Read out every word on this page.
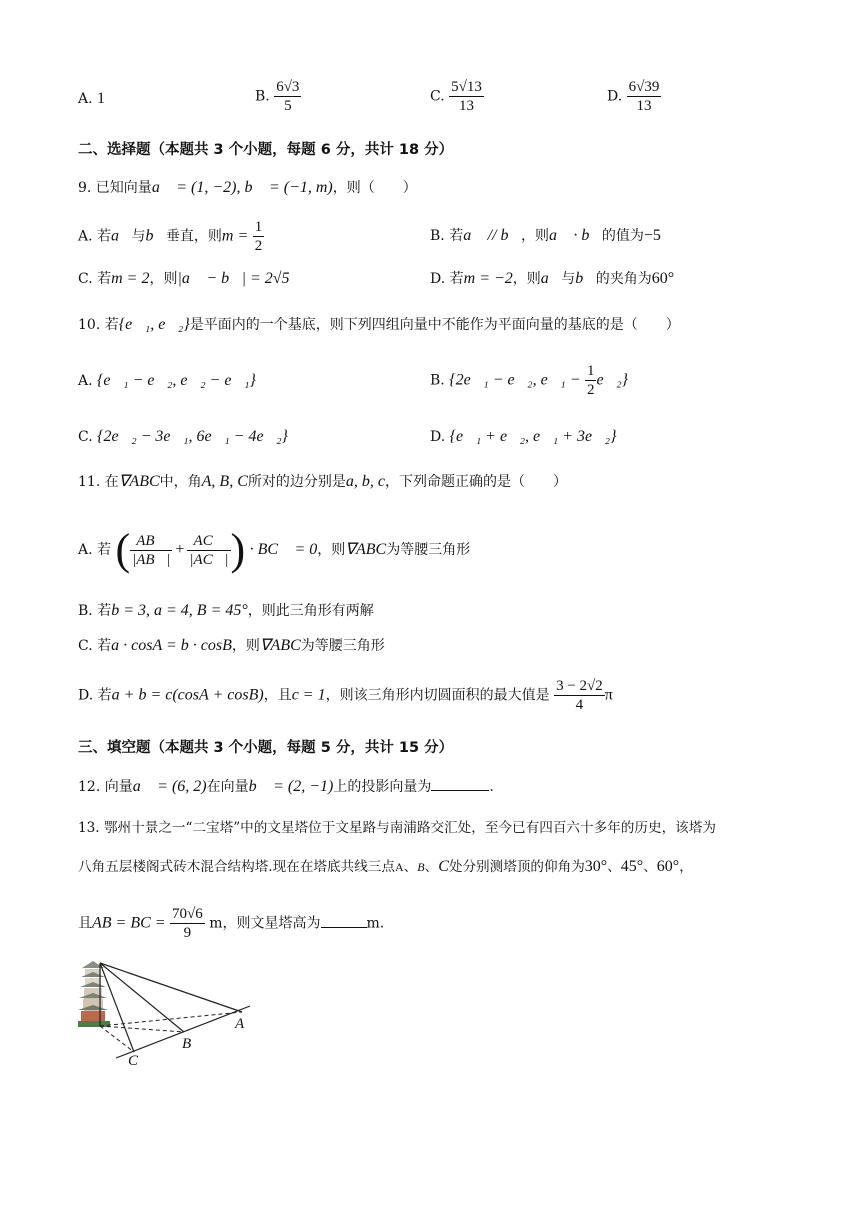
A. 1	B. $\frac{6√3}{5}$	C. $\frac{5√13}{13}$	D. $\frac{6√39}{13}$
二、选择题（本题共 3 个小题，每题 6 分，共计 18 分）
9. 已知向量a⃗ = (1, −2), b⃗ = (−1, m)，则（　　）
A. 若a⃗与b⃗垂直，则$m = \frac{1}{2}$	B. 若a⃗ // b⃗，则a⃗ · b⃗的值为−5
C. 若m = 2，则|a⃗ − b⃗| = 2√5	D. 若m = −2，则a⃗与b⃗的夹角为60°
10. 若{e⃗₁, e⃗₂}是平面内的一个基底，则下列四组向量中不能作为平面向量的基底的是（　　）
A. {e⃗₁ − e⃗₂, e⃗₂ − e⃗₁}	B. {2e⃗₁ − e⃗₂, e⃗₁ − $\frac{1}{2}$ e⃗₂}
C. {2e⃗₂ − 3e⃗₁, 6e⃗₁ − 4e⃗₂}	D. {e⃗₁ + e⃗₂, e⃗₁ + 3e⃗₂}
11. 在∇ABC中，角A, B, C所对的边分别是a, b, c，下列命题正确的是（　　）
A. 若 ( $\frac{AB⃗}{|AB⃗|} + \frac{AC⃗}{|AC⃗|}$ ) · BC⃗ = 0，则∇ABC为等腰三角形
B. 若b = 3, a = 4, B = 45°，则此三角形有两解
C. 若a · cosA = b · cosB，则∇ABC为等腰三角形
D. 若a + b = c(cosA + cosB)，且c = 1，则该三角形内切圆面积的最大值是 $\frac{3 - 2√2}{4}$ π
三、填空题（本题共 3 个小题，每题 5 分，共计 15 分）
12. 向量a⃗ = (6, 2)在向量b⃗ = (2, −1)上的投影向量为	.
13. 鄂州十景之一“二宝塔”中的文星塔位于文星路与南浦路交汇处，至今已有四百六十多年的历史，该塔为
八角五层楼阁式砖木混合结构塔.现在在塔底共线三点A、B、C处分别测塔顶的仰角为30°、45°、60°，
且AB = BC = $\frac{70√6}{9}$ m，则文星塔高为	m.
A
B
C
